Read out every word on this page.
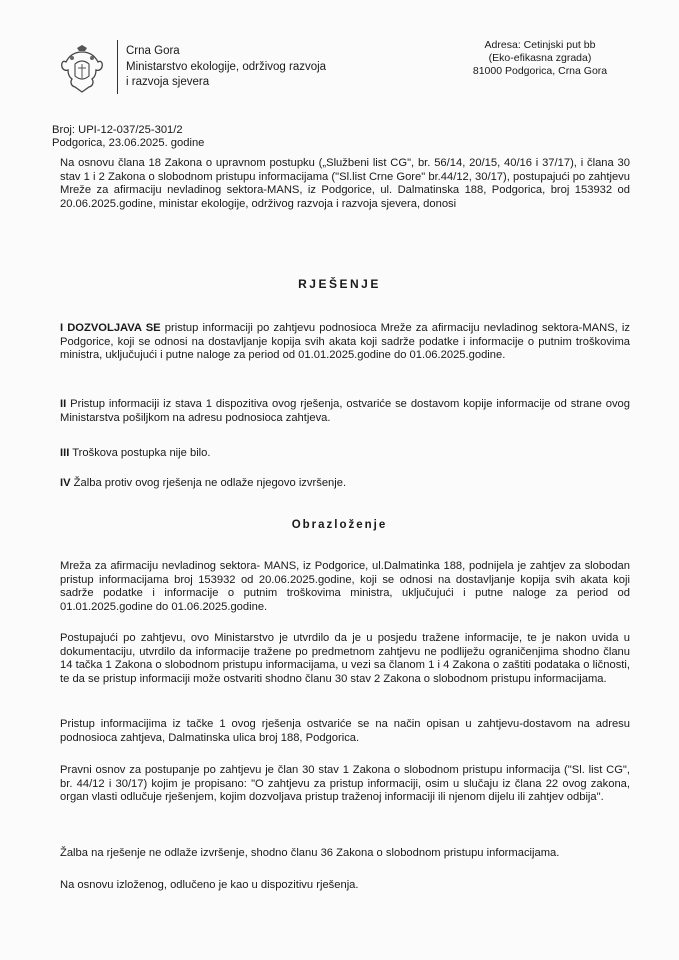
Crna Gora
Ministarstvo ekologije, održivog razvoja
i razvoja sjevera
Adresa: Cetinjski put bb
(Eko-efikasna zgrada)
81000 Podgorica, Crna Gora
Broj: UPI-12-037/25-301/2
Podgorica, 23.06.2025. godine
Na osnovu člana 18 Zakona o upravnom postupku („Službeni list CG", br. 56/14, 20/15, 40/16 i 37/17), i člana 30 stav 1 i 2 Zakona o slobodnom pristupu informacijama ("Sl.list Crne Gore" br.44/12, 30/17), postupajući po zahtjevu Mreže za afirmaciju nevladinog sektora-MANS, iz Podgorice, ul. Dalmatinska 188, Podgorica, broj 153932 od 20.06.2025.godine, ministar ekologije, održivog razvoja i razvoja sjevera, donosi
RJEŠENJE
I DOZVOLJAVA SE pristup informaciji po zahtjevu podnosioca Mreže za afirmaciju nevladinog sektora-MANS, iz Podgorice, koji se odnosi na dostavljanje kopija svih akata koji sadrže podatke i informacije o putnim troškovima ministra, uključujući i putne naloge za period od 01.01.2025.godine do 01.06.2025.godine.
II Pristup informaciji iz stava 1 dispozitiva ovog rješenja, ostvariće se dostavom kopije informacije od strane ovog Ministarstva pošiljkom na adresu podnosioca zahtjeva.
III Troškova postupka nije bilo.
IV Žalba protiv ovog rješenja ne odlaže njegovo izvršenje.
Obrazloženje
Mreža za afirmaciju nevladinog sektora- MANS, iz Podgorice, ul.Dalmatinka 188, podnijela je zahtjev za slobodan pristup informacijama broj 153932 od 20.06.2025.godine, koji se odnosi na dostavljanje kopija svih akata koji sadrže podatke i informacije o putnim troškovima ministra, uključujući i putne naloge za period od 01.01.2025.godine do 01.06.2025.godine.
Postupajući po zahtjevu, ovo Ministarstvo je utvrdilo da je u posjedu tražene informacije, te je nakon uvida u dokumentaciju, utvrdilo da informacije tražene po predmetnom zahtjevu ne podliježu ograničenjima shodno članu 14 tačka 1 Zakona o slobodnom pristupu informacijama, u vezi sa članom 1 i 4 Zakona o zaštiti podataka o ličnosti, te da se pristup informaciji može ostvariti shodno članu 30 stav 2 Zakona o slobodnom pristupu informacijama.
Pristup informacijima iz tačke 1 ovog rješenja ostvariće se na način opisan u zahtjevu-dostavom na adresu podnosioca zahtjeva, Dalmatinska ulica broj 188, Podgorica.
Pravni osnov za postupanje po zahtjevu je član 30 stav 1 Zakona o slobodnom pristupu informacija ("Sl. list CG", br. 44/12 i 30/17) kojim je propisano: "O zahtjevu za pristup informaciji, osim u slučaju iz člana 22 ovog zakona, organ vlasti odlučuje rješenjem, kojim dozvoljava pristup traženoj informaciji ili njenom dijelu ili zahtjev odbija".
Žalba na rješenje ne odlaže izvršenje, shodno članu 36 Zakona o slobodnom pristupu informacijama.
Na osnovu izloženog, odlučeno je kao u dispozitivu rješenja.
